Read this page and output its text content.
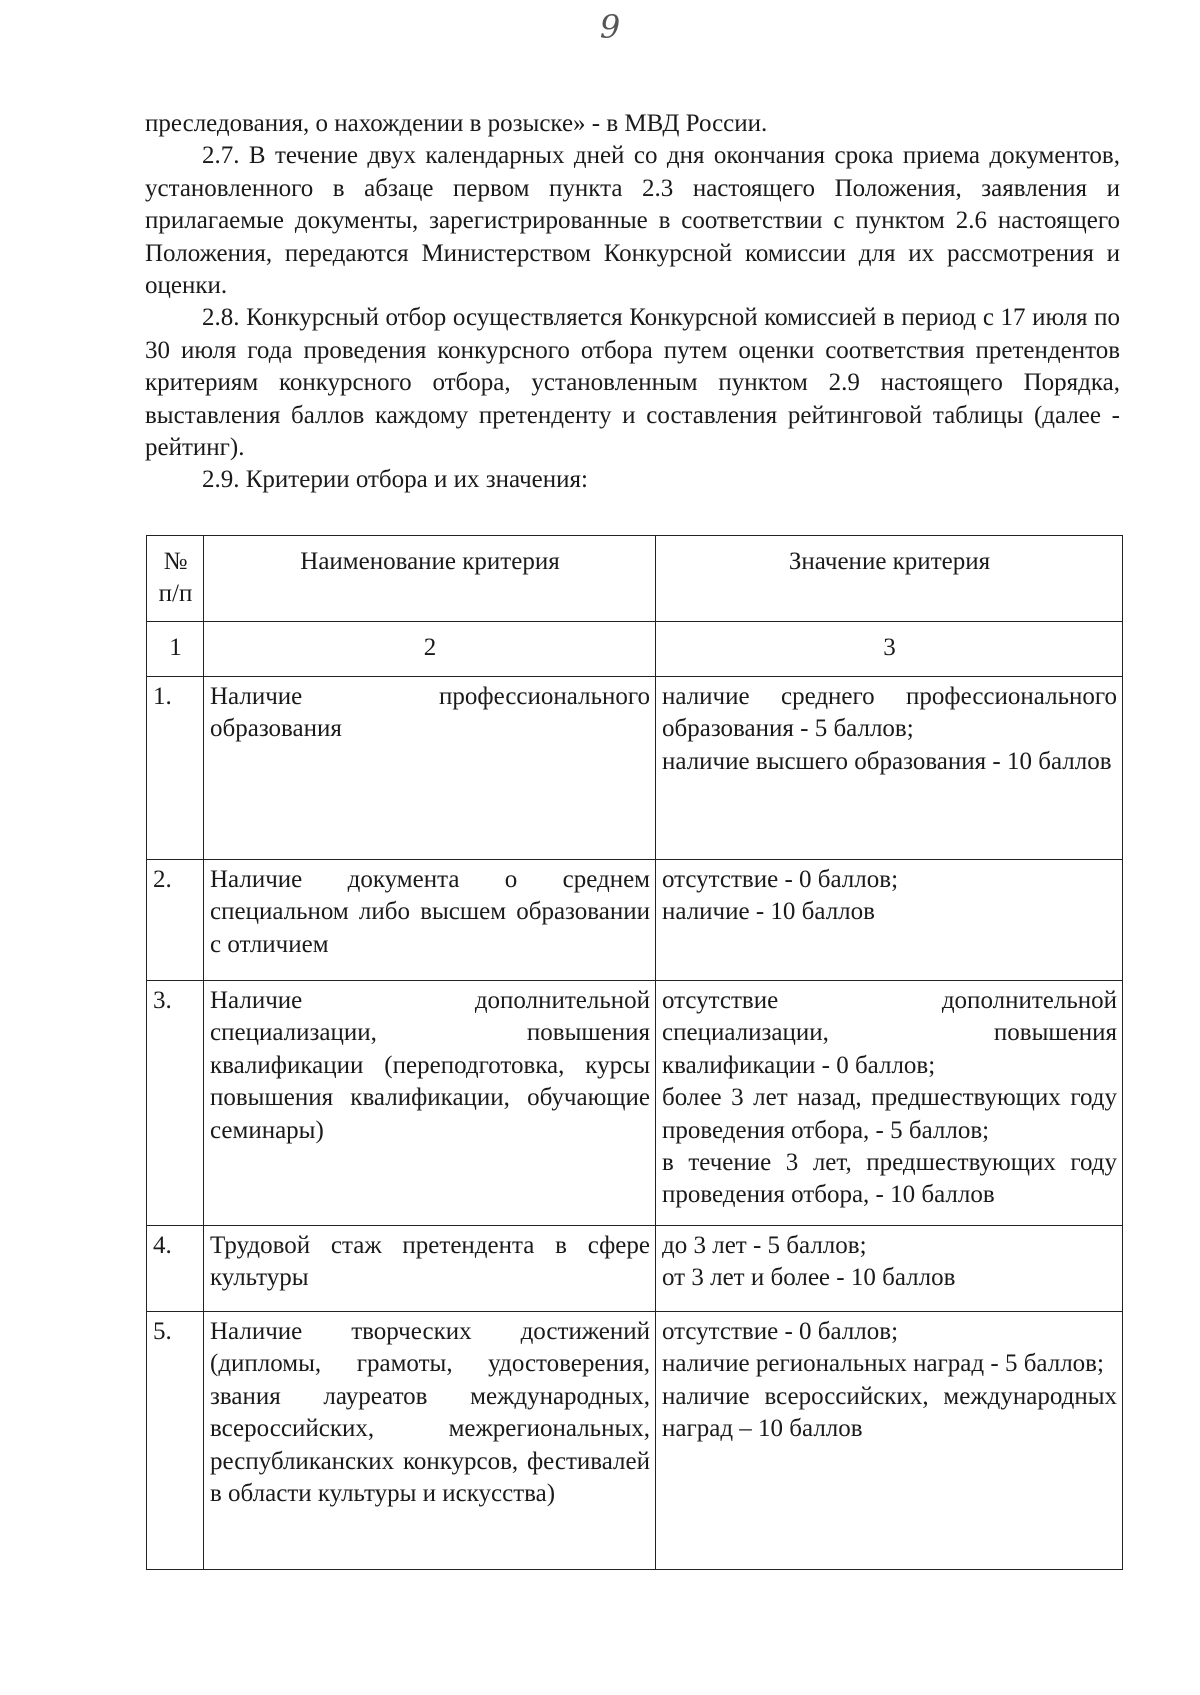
9

преследования, о нахождении в розыске» - в МВД России.

2.7. В течение двух календарных дней со дня окончания срока приема документов, установленного в абзаце первом пункта 2.3 настоящего Положения, заявления и прилагаемые документы, зарегистрированные в соответствии с пунктом 2.6 настоящего Положения, передаются Министерством Конкурсной комиссии для их рассмотрения и оценки.

2.8. Конкурсный отбор осуществляется Конкурсной комиссией в период с 17 июля по 30 июля года проведения конкурсного отбора путем оценки соответствия претендентов критериям конкурсного отбора, установленным пунктом 2.9 настоящего Порядка, выставления баллов каждому претенденту и составления рейтинговой таблицы (далее - рейтинг).

2.9. Критерии отбора и их значения:

№ п/п	Наименование критерия	Значение критерия
1	2	3
1.	Наличие профессионального образования	наличие среднего профессионального образования - 5 баллов;
наличие высшего образования - 10 баллов

2.	Наличие документа о среднем специальном либо высшем образовании с отличием	отсутствие - 0 баллов;
наличие - 10 баллов

3.	Наличие дополнительной специализации, повышения квалификации (переподготовка, курсы повышения квалификации, обучающие семинары)	отсутствие дополнительной специализации, повышения квалификации - 0 баллов;
более 3 лет назад, предшествующих году проведения отбора, - 5 баллов;
в течение 3 лет, предшествующих году проведения отбора, - 10 баллов

4.	Трудовой стаж претендента в сфере культуры	до 3 лет - 5 баллов;
от 3 лет и более - 10 баллов

5.	Наличие творческих достижений (дипломы, грамоты, удостоверения, звания лауреатов международных, всероссийских, межрегиональных, республиканских конкурсов, фестивалей в области культуры и искусства)	отсутствие - 0 баллов;
наличие региональных наград - 5 баллов;
наличие всероссийских, международных наград – 10 баллов
